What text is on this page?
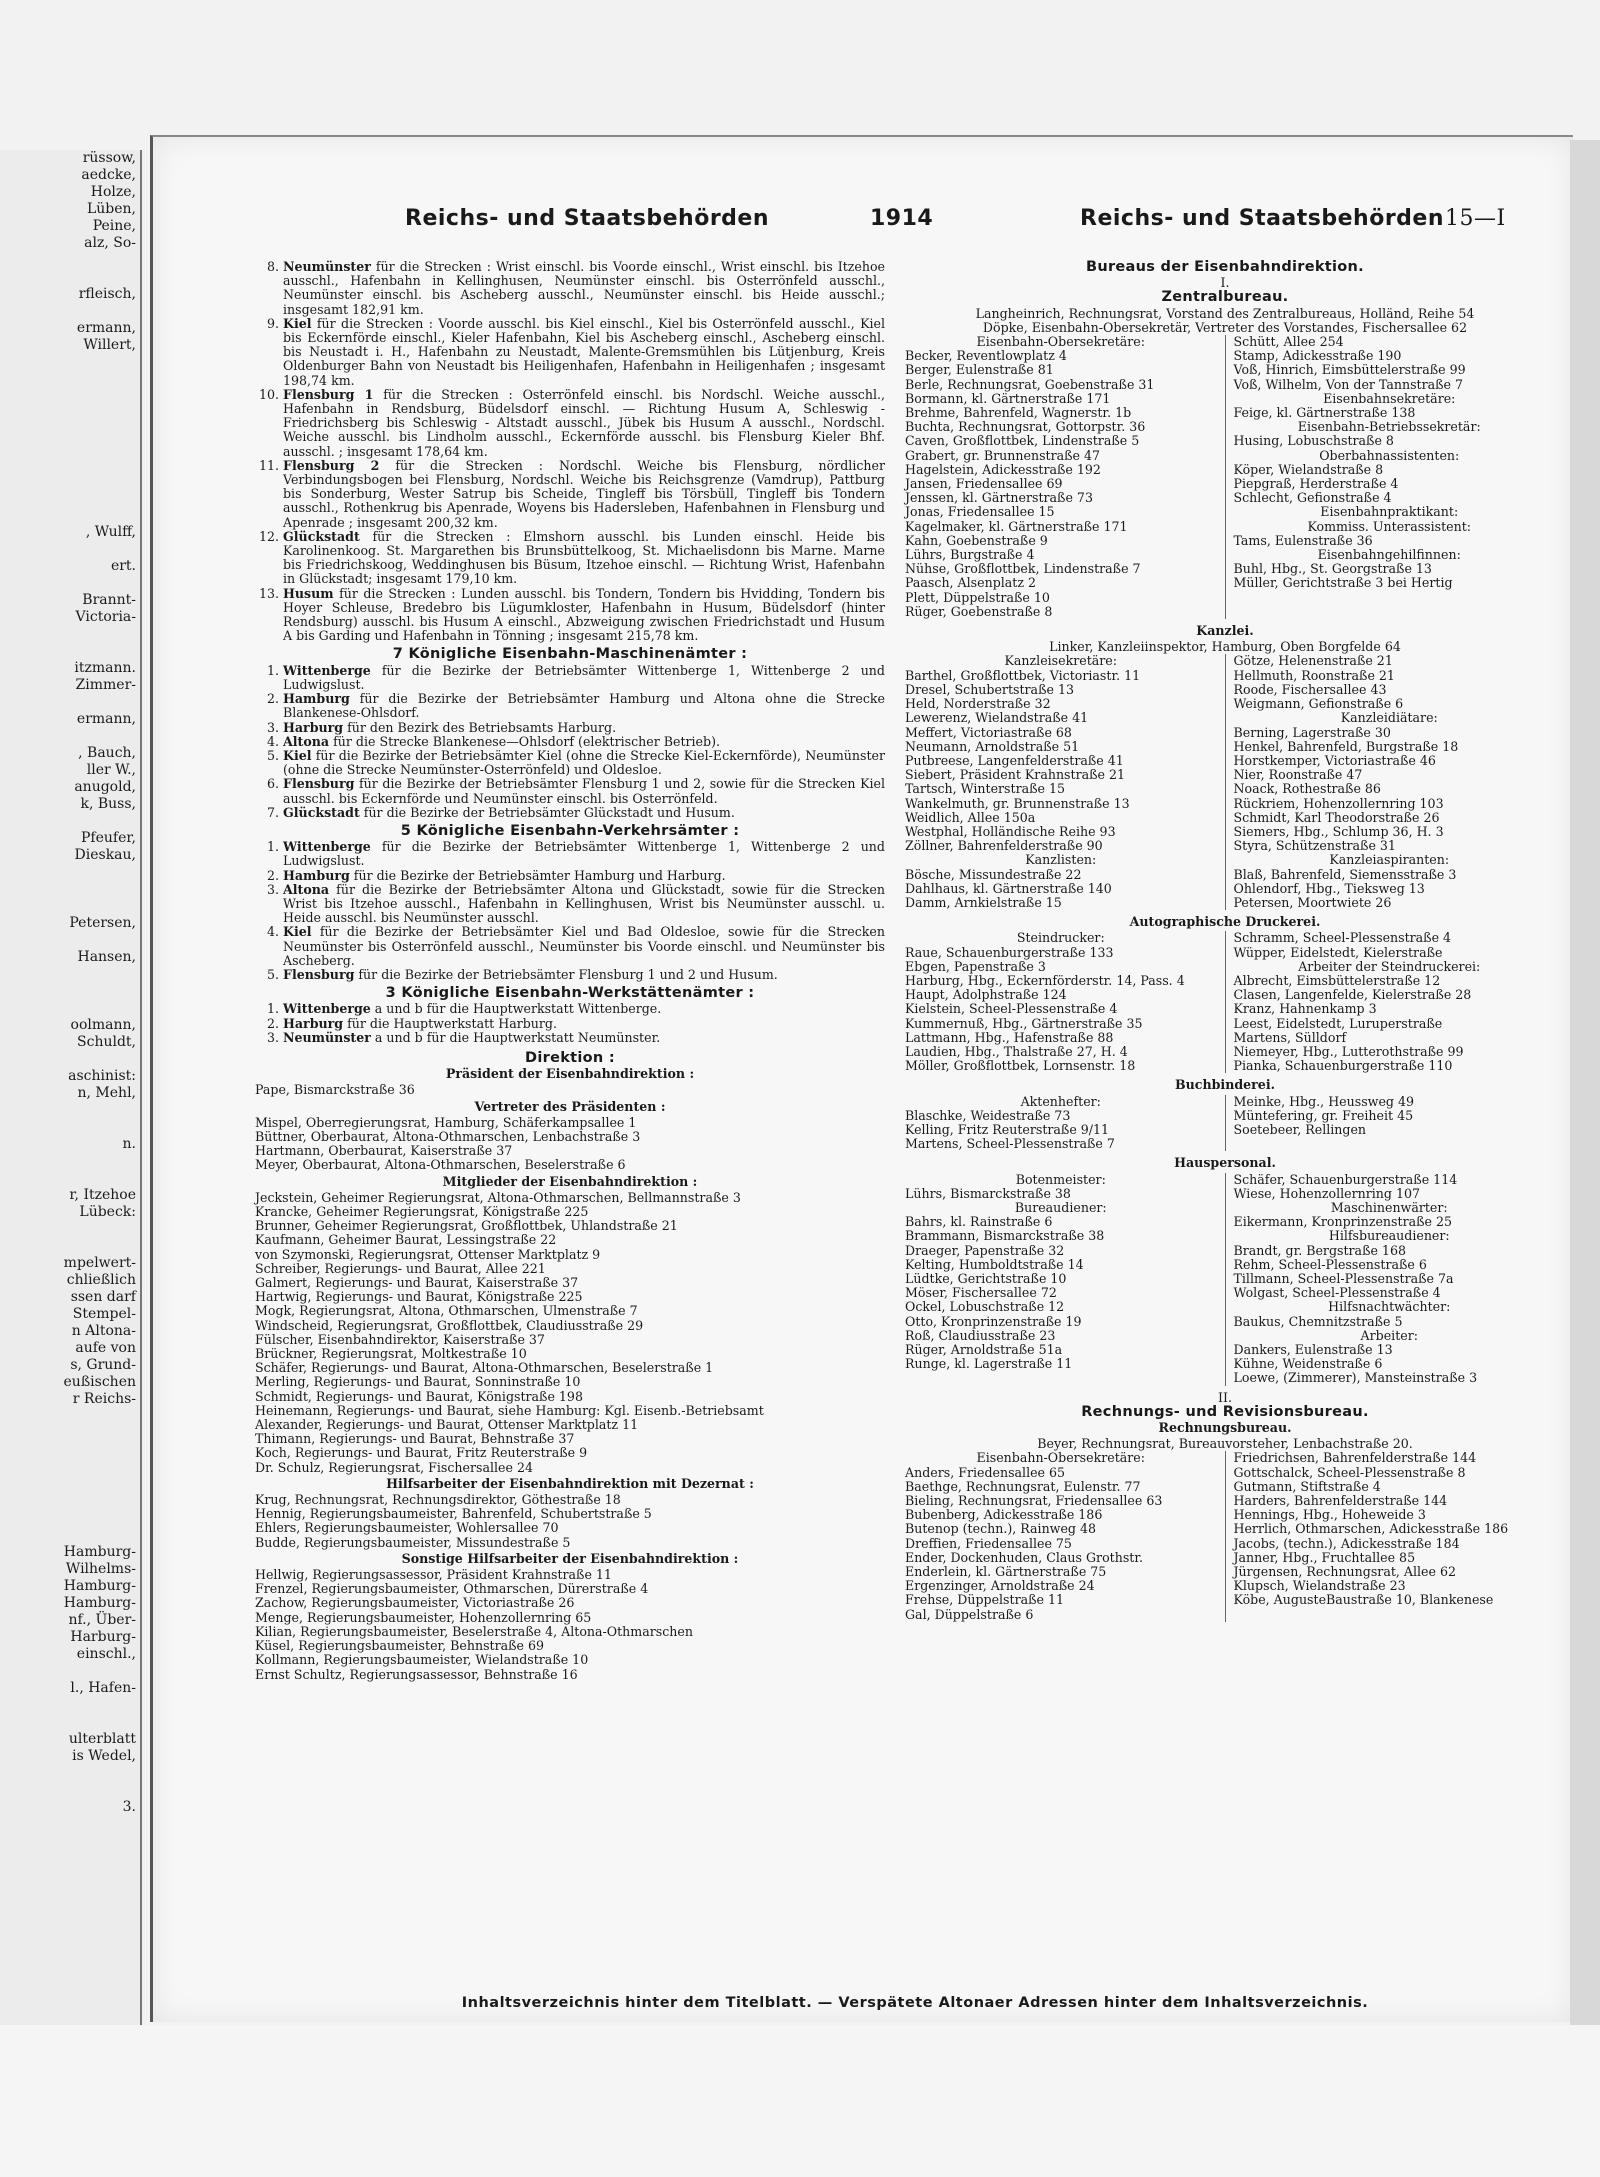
rüssow,
aedcke,
Holze,
Lüben,
Peine,
alz, So-

rfleisch,

ermann,
Willert,

, Wulff,

ert.

Brannt-
Victoria-

itzmann.
Zimmer-

ermann,

, Bauch,
ller W.,
anugold,
k, Buss,

Pfeufer,
Dieskau,

Petersen,

Hansen,

oolmann,
Schuldt,

aschinist:
n, Mehl,

n.

r, Itzehoe
Lübeck:

mpelwert-
chließlich
ssen darf
Stempel-
n Altona-
aufe von
s, Grund-
eußischen
r Reichs-

Hamburg-
Wilhelms-
Hamburg-
Hamburg-
nf., Über-
Harburg-
einschl.,

l., Hafen-

ulterblatt
is Wedel,

3.
Reichs- und Staatsbehörden	1914	Reichs- und Staatsbehörden 15—I
8. Neumünster für die Strecken : Wrist einschl. bis Voorde einschl., Wrist einschl. bis Itzehoe ausschl., Hafenbahn in Kellinghusen, Neumünster einschl. bis Osterrönfeld ausschl., Neumünster einschl. bis Ascheberg ausschl., Neumünster einschl. bis Heide ausschl.; insgesamt 182,91 km.
9. Kiel für die Strecken : Voorde ausschl. bis Kiel einschl., Kiel bis Osterrönfeld ausschl., Kiel bis Eckernförde einschl., Kieler Hafenbahn, Kiel bis Ascheberg einschl., Ascheberg einschl. bis Neustadt i. H., Hafenbahn zu Neustadt, Malente-Gremsmühlen bis Lütjenburg, Kreis Oldenburger Bahn von Neustadt bis Heiligenhafen, Hafenbahn in Heiligenhafen ; insgesamt 198,74 km.
10. Flensburg 1 für die Strecken : Osterrönfeld einschl. bis Nordschl. Weiche ausschl., Hafenbahn in Rendsburg, Büdelsdorf einschl. — Richtung Husum A, Schleswig - Friedrichsberg bis Schleswig - Altstadt ausschl., Jübek bis Husum A ausschl., Nordschl. Weiche ausschl. bis Lindholm ausschl., Eckernförde ausschl. bis Flensburg Kieler Bhf. ausschl. ; insgesamt 178,64 km.
11. Flensburg 2 für die Strecken : Nordschl. Weiche bis Flensburg, nördlicher Verbindungsbogen bei Flensburg, Nordschl. Weiche bis Reichsgrenze (Vamdrup), Pattburg bis Sonderburg, Wester Satrup bis Scheide, Tingleff bis Törsbüll, Tingleff bis Tondern ausschl., Rothenkrug bis Apenrade, Woyens bis Hadersleben, Hafenbahnen in Flensburg und Apenrade ; insgesamt 200,32 km.
12. Glückstadt für die Strecken : Elmshorn ausschl. bis Lunden einschl. Heide bis Karolinenkoog. St. Margarethen bis Brunsbüttelkoog, St. Michaelisdonn bis Marne. Marne bis Friedrichskoog, Weddinghusen bis Büsum, Itzehoe einschl. — Richtung Wrist, Hafenbahn in Glückstadt; insgesamt 179,10 km.
13. Husum für die Strecken : Lunden ausschl. bis Tondern, Tondern bis Hvidding, Tondern bis Hoyer Schleuse, Bredebro bis Lügumkloster, Hafenbahn in Husum, Büdelsdorf (hinter Rendsburg) ausschl. bis Husum A einschl., Abzweigung zwischen Friedrichstadt und Husum A bis Garding und Hafenbahn in Tönning ; insgesamt 215,78 km.
7 Königliche Eisenbahn-Maschinenämter :
1. Wittenberge für die Bezirke der Betriebsämter Wittenberge 1, Wittenberge 2 und Ludwigslust.
2. Hamburg für die Bezirke der Betriebsämter Hamburg und Altona ohne die Strecke Blankenese-Ohlsdorf.
3. Harburg für den Bezirk des Betriebsamts Harburg.
4. Altona für die Strecke Blankenese—Ohlsdorf (elektrischer Betrieb).
5. Kiel für die Bezirke der Betriebsämter Kiel (ohne die Strecke Kiel-Eckernförde), Neumünster (ohne die Strecke Neumünster-Osterrönfeld) und Oldesloe.
6. Flensburg für die Bezirke der Betriebsämter Flensburg 1 und 2, sowie für die Strecken Kiel ausschl. bis Eckernförde und Neumünster einschl. bis Osterrönfeld.
7. Glückstadt für die Bezirke der Betriebsämter Glückstadt und Husum.
5 Königliche Eisenbahn-Verkehrsämter :
1. Wittenberge für die Bezirke der Betriebsämter Wittenberge 1, Wittenberge 2 und Ludwigslust.
2. Hamburg für die Bezirke der Betriebsämter Hamburg und Harburg.
3. Altona für die Bezirke der Betriebsämter Altona und Glückstadt, sowie für die Strecken Wrist bis Itzehoe ausschl., Hafenbahn in Kellinghusen, Wrist bis Neumünster ausschl. u. Heide ausschl. bis Neumünster ausschl.
4. Kiel für die Bezirke der Betriebsämter Kiel und Bad Oldesloe, sowie für die Strecken Neumünster bis Osterrönfeld ausschl., Neumünster bis Voorde einschl. und Neumünster bis Ascheberg.
5. Flensburg für die Bezirke der Betriebsämter Flensburg 1 und 2 und Husum.
3 Königliche Eisenbahn-Werkstättenämter :
1. Wittenberge a und b für die Hauptwerkstatt Wittenberge.
2. Harburg für die Hauptwerkstatt Harburg.
3. Neumünster a und b für die Hauptwerkstatt Neumünster.
Direktion :
Präsident der Eisenbahndirektion :

Pape, Bismarckstraße 36

Vertreter des Präsidenten :

Mispel, Oberregierungsrat, Hamburg, Schäferkampsallee 1

Büttner, Oberbaurat, Altona-Othmarschen, Lenbachstraße 3

Hartmann, Oberbaurat, Kaiserstraße 37

Meyer, Oberbaurat, Altona-Othmarschen, Beselerstraße 6

Mitglieder der Eisenbahndirektion :

Jeckstein, Geheimer Regierungsrat, Altona-Othmarschen, Bellmannstraße 3

Krancke, Geheimer Regierungsrat, Königstraße 225

Brunner, Geheimer Regierungsrat, Großflottbek, Uhlandstraße 21

Kaufmann, Geheimer Baurat, Lessingstraße 22

von Szymonski, Regierungsrat, Ottenser Marktplatz 9

Schreiber, Regierungs- und Baurat, Allee 221

Galmert, Regierungs- und Baurat, Kaiserstraße 37

Hartwig, Regierungs- und Baurat, Königstraße 225

Mogk, Regierungsrat, Altona, Othmarschen, Ulmenstraße 7

Windscheid, Regierungsrat, Großflottbek, Claudiusstraße 29

Fülscher, Eisenbahndirektor, Kaiserstraße 37

Brückner, Regierungsrat, Moltkestraße 10

Schäfer, Regierungs- und Baurat, Altona-Othmarschen, Beselerstraße 1

Merling, Regierungs- und Baurat, Sonninstraße 10

Schmidt, Regierungs- und Baurat, Königstraße 198

Heinemann, Regierungs- und Baurat, siehe Hamburg: Kgl. Eisenb.-Betriebsamt

Alexander, Regierungs- und Baurat, Ottenser Marktplatz 11

Thimann, Regierungs- und Baurat, Behnstraße 37

Koch, Regierungs- und Baurat, Fritz Reuterstraße 9

Dr. Schulz, Regierungsrat, Fischersallee 24

Hilfsarbeiter der Eisenbahndirektion mit Dezernat :

Krug, Rechnungsrat, Rechnungsdirektor, Göthestraße 18

Hennig, Regierungsbaumeister, Bahrenfeld, Schubertstraße 5

Ehlers, Regierungsbaumeister, Wohlersallee 70

Budde, Regierungsbaumeister, Missundestraße 5

Sonstige Hilfsarbeiter der Eisenbahndirektion :

Hellwig, Regierungsassessor, Präsident Krahnstraße 11

Frenzel, Regierungsbaumeister, Othmarschen, Dürerstraße 4

Zachow, Regierungsbaumeister, Victoriastraße 26

Menge, Regierungsbaumeister, Hohenzollernring 65

Kilian, Regierungsbaumeister, Beselerstraße 4, Altona-Othmarschen

Küsel, Regierungsbaumeister, Behnstraße 69

Kollmann, Regierungsbaumeister, Wielandstraße 10

Ernst Schultz, Regierungsassessor, Behnstraße 16

Bureaus der Eisenbahndirektion.
I.
Zentralbureau.

Langheinrich, Rechnungsrat, Vorstand des Zentralbureaus, Holländ, Reihe 54

Döpke, Eisenbahn-Obersekretär, Vertreter des Vorstandes, Fischersallee 62

Eisenbahn-Obersekretäre:

Becker, Reventlowplatz 4

Berger, Eulenstraße 81

Berle, Rechnungsrat, Goebenstraße 31

Bormann, kl. Gärtnerstraße 171

Brehme, Bahrenfeld, Wagnerstr. 1b

Buchta, Rechnungsrat, Gottorpstr. 36

Caven, Großflottbek, Lindenstraße 5

Grabert, gr. Brunnenstraße 47

Hagelstein, Adickesstraße 192

Jansen, Friedensallee 69

Jenssen, kl. Gärtnerstraße 73

Jonas, Friedensallee 15

Kagelmaker, kl. Gärtnerstraße 171

Kahn, Goebenstraße 9

Lührs, Burgstraße 4

Nühse, Großflottbek, Lindenstraße 7

Paasch, Alsenplatz 2

Plett, Düppelstraße 10

Rüger, Goebenstraße 8

Schütt, Allee 254

Stamp, Adickesstraße 190

Voß, Hinrich, Eimsbüttelerstraße 99

Voß, Wilhelm, Von der Tannstraße 7

Eisenbahnsekretäre:

Feige, kl. Gärtnerstraße 138

Eisenbahn-Betriebssekretär:

Husing, Lobuschstraße 8

Oberbahnassistenten:

Köper, Wielandstraße 8

Piepgraß, Herderstraße 4

Schlecht, Gefionstraße 4

Eisenbahnpraktikant:
Kommiss. Unterassistent:

Tams, Eulenstraße 36

Eisenbahngehilfinnen:

Buhl, Hbg., St. Georgstraße 13

Müller, Gerichtstraße 3 bei Hertig

Kanzlei.
Linker, Kanzleiinspektor, Hamburg, Oben Borgfelde 64
Kanzleisekretäre:

Barthel, Großflottbek, Victoriastr. 11

Dresel, Schubertstraße 13

Held, Norderstraße 32

Lewerenz, Wielandstraße 41

Meffert, Victoriastraße 68

Neumann, Arnoldstraße 51

Putbreese, Langenfelderstraße 41

Siebert, Präsident Krahnstraße 21

Tartsch, Winterstraße 15

Wankelmuth, gr. Brunnenstraße 13

Weidlich, Allee 150a

Westphal, Holländische Reihe 93

Zöllner, Bahrenfelderstraße 90

Kanzlisten:

Bösche, Missundestraße 22

Dahlhaus, kl. Gärtnerstraße 140

Damm, Arnkielstraße 15

Götze, Helenenstraße 21

Hellmuth, Roonstraße 21

Roode, Fischersallee 43

Weigmann, Gefionstraße 6

Kanzleidiätare:

Berning, Lagerstraße 30

Henkel, Bahrenfeld, Burgstraße 18

Horstkemper, Victoriastraße 46

Nier, Roonstraße 47

Noack, Rothestraße 86

Rückriem, Hohenzollernring 103

Schmidt, Karl Theodorstraße 26

Siemers, Hbg., Schlump 36, H. 3

Styra, Schützenstraße 31

Kanzleiaspiranten:

Blaß, Bahrenfeld, Siemensstraße 3

Ohlendorf, Hbg., Tieksweg 13

Petersen, Moortwiete 26

Autographische Druckerei.
Steindrucker:

Raue, Schauenburgerstraße 133

Ebgen, Papenstraße 3

Harburg, Hbg., Eckernförderstr. 14, Pass. 4

Haupt, Adolphstraße 124

Kielstein, Scheel-Plessenstraße 4

Kummernuß, Hbg., Gärtnerstraße 35

Lattmann, Hbg., Hafenstraße 88

Laudien, Hbg., Thalstraße 27, H. 4

Möller, Großflottbek, Lornsenstr. 18

Schramm, Scheel-Plessenstraße 4

Wüpper, Eidelstedt, Kielerstraße

Arbeiter der Steindruckerei:

Albrecht, Eimsbüttelerstraße 12

Clasen, Langenfelde, Kielerstraße 28

Kranz, Hahnenkamp 3

Leest, Eidelstedt, Luruperstraße

Martens, Sülldorf

Niemeyer, Hbg., Lutterothstraße 99

Pianka, Schauenburgerstraße 110

Buchbinderei.
Aktenhefter:

Blaschke, Weidestraße 73

Kelling, Fritz Reuterstraße 9/11

Martens, Scheel-Plessenstraße 7

Meinke, Hbg., Heussweg 49

Müntefering, gr. Freiheit 45

Soetebeer, Rellingen

Hauspersonal.
Botenmeister:

Lührs, Bismarckstraße 38

Bureaudiener:

Bahrs, kl. Rainstraße 6

Brammann, Bismarckstraße 38

Draeger, Papenstraße 32

Kelting, Humboldtstraße 14

Lüdtke, Gerichtstraße 10

Möser, Fischersallee 72

Ockel, Lobuschstraße 12

Otto, Kronprinzenstraße 19

Roß, Claudiusstraße 23

Rüger, Arnoldstraße 51a

Runge, kl. Lagerstraße 11

Schäfer, Schauenburgerstraße 114

Wiese, Hohenzollernring 107

Maschinenwärter:

Eikermann, Kronprinzenstraße 25

Hilfsbureaudiener:

Brandt, gr. Bergstraße 168

Rehm, Scheel-Plessenstraße 6

Tillmann, Scheel-Plessenstraße 7a

Wolgast, Scheel-Plessenstraße 4

Hilfsnachtwächter:

Baukus, Chemnitzstraße 5

Arbeiter:

Dankers, Eulenstraße 13

Kühne, Weidenstraße 6

Loewe, (Zimmerer), Mansteinstraße 3

II.
Rechnungs- und Revisionsbureau.
Rechnungsbureau.
Beyer, Rechnungsrat, Bureauvorsteher, Lenbachstraße 20.
Eisenbahn-Obersekretäre:

Anders, Friedensallee 65

Baethge, Rechnungsrat, Eulenstr. 77

Bieling, Rechnungsrat, Friedensallee 63

Bubenberg, Adickesstraße 186

Butenop (techn.), Rainweg 48

Dreffien, Friedensallee 75

Ender, Dockenhuden, Claus Grothstr.

Enderlein, kl. Gärtnerstraße 75

Ergenzinger, Arnoldstraße 24

Frehse, Düppelstraße 11

Gal, Düppelstraße 6

Friedrichsen, Bahrenfelderstraße 144

Gottschalck, Scheel-Plessenstraße 8

Gutmann, Stiftstraße 4

Harders, Bahrenfelderstraße 144

Hennings, Hbg., Hoheweide 3

Herrlich, Othmarschen, Adickesstraße 186

Jacobs, (techn.), Adickesstraße 184

Janner, Hbg., Fruchtallee 85

Jürgensen, Rechnungsrat, Allee 62

Klupsch, Wielandstraße 23

Köbe, AugusteBaustraße 10, Blankenese

Inhaltsverzeichnis hinter dem Titelblatt. — Verspätete Altonaer Adressen hinter dem Inhaltsverzeichnis.
